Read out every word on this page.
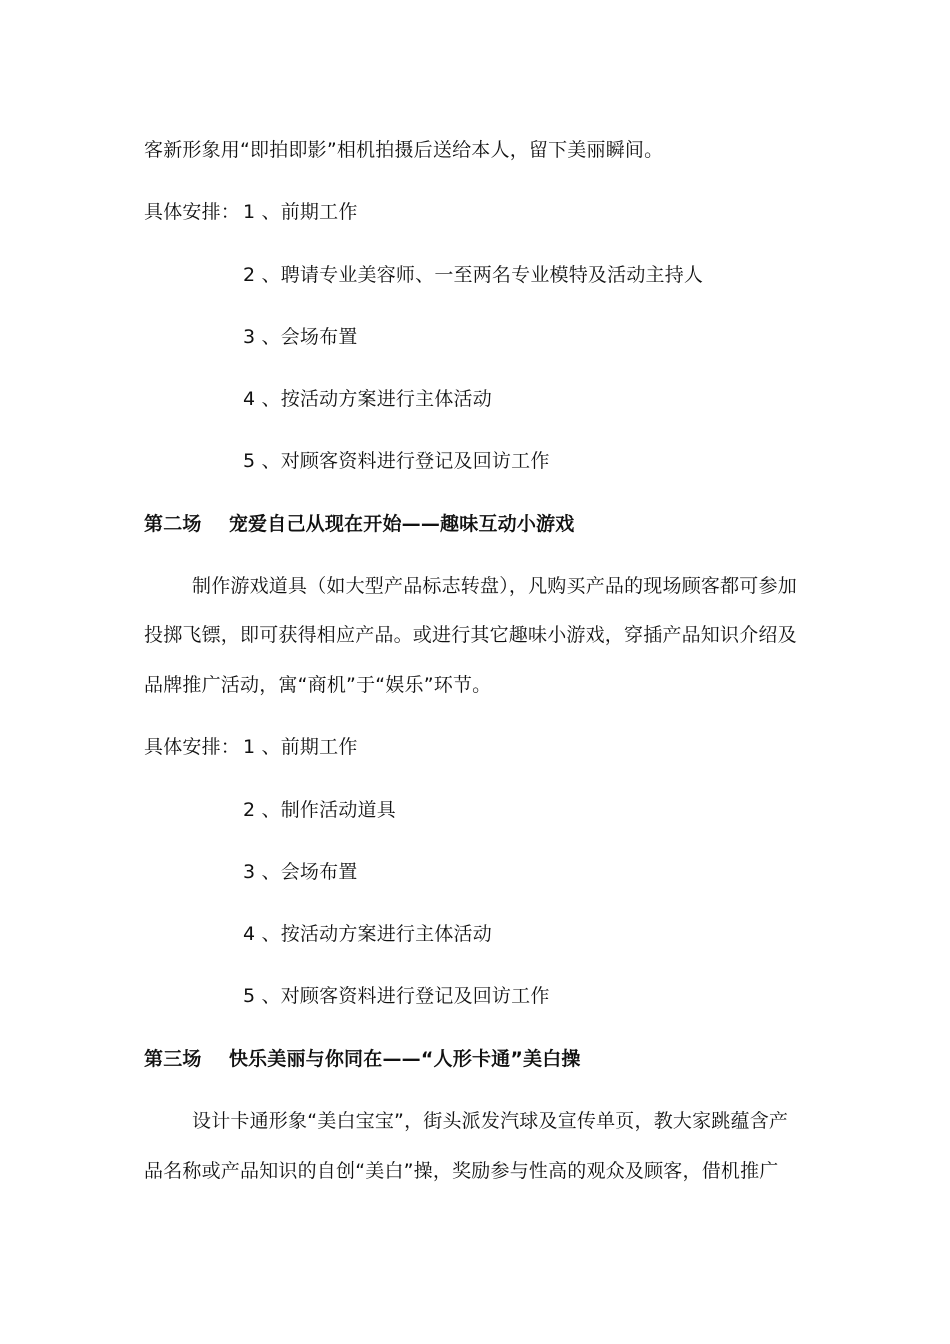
客新形象用“即拍即影”相机拍摄后送给本人，留下美丽瞬间。
具体安排： 1 、前期工作
2 、聘请专业美容师、一至两名专业模特及活动主持人
3 、会场布置
4 、按活动方案进行主体活动
5 、对顾客资料进行登记及回访工作
第二场    宠爱自己从现在开始——趣味互动小游戏
制作游戏道具（如大型产品标志转盘），凡购买产品的现场顾客都可参加
投掷飞镖，即可获得相应产品。或进行其它趣味小游戏，穿插产品知识介绍及
品牌推广活动，寓“商机”于“娱乐”环节。
具体安排： 1 、前期工作
2 、制作活动道具
3 、会场布置
4 、按活动方案进行主体活动
5 、对顾客资料进行登记及回访工作
第三场    快乐美丽与你同在——“人形卡通”美白操
设计卡通形象“美白宝宝”，街头派发汽球及宣传单页，教大家跳蕴含产
品名称或产品知识的自创“美白”操，奖励参与性高的观众及顾客，借机推广
